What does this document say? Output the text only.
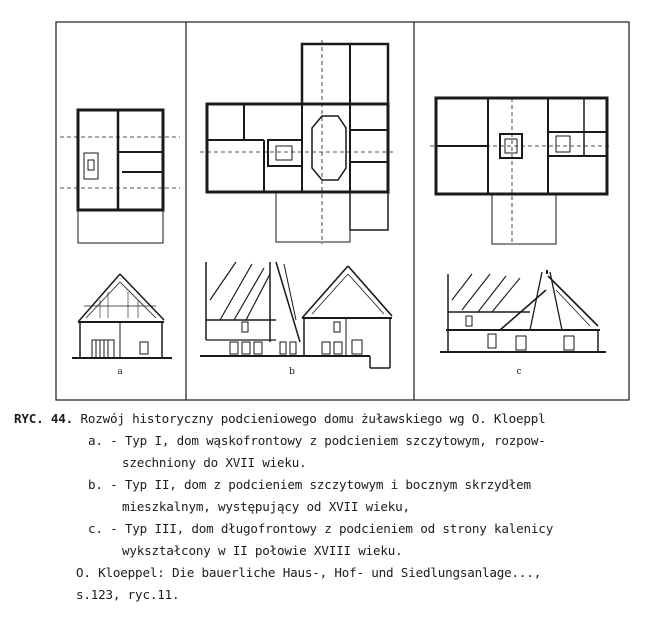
a	b	c
RYC. 44. Rozwój historyczny podcieniowego domu żuławskiego wg O. Kloeppl
a. - Typ I, dom wąskofrontowy z podcieniem szczytowym, rozpow-
szechniony do XVII wieku.
b. - Typ II, dom z podcieniem szczytowym i bocznym skrzydłem
mieszkalnym, występujący od XVII wieku,
c. - Typ III, dom długofrontowy z podcieniem od strony kalenicy
wykształcony w II połowie XVIII wieku.
O. Kloeppel: Die bauerliche Haus-, Hof- und Siedlungsanlage...,
s.123, ryc.11.
